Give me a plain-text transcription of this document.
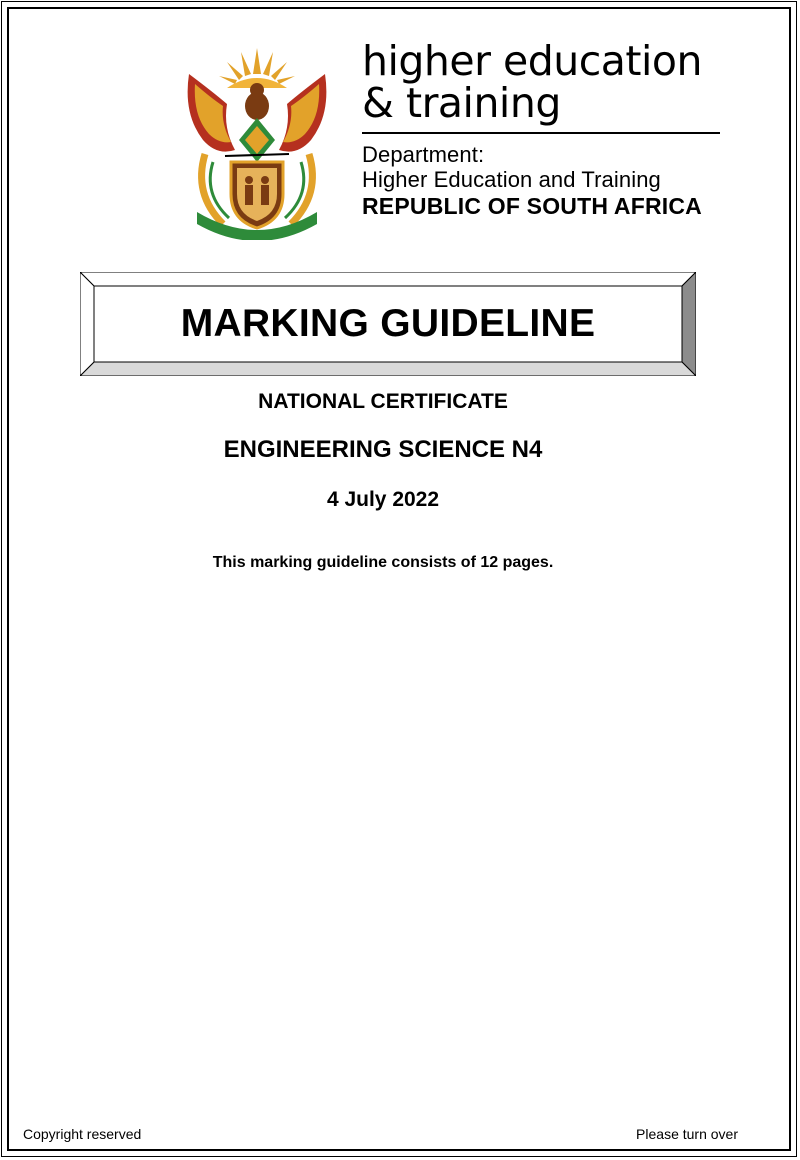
higher education
& training
Department:
Higher Education and Training
REPUBLIC OF SOUTH AFRICA
MARKING GUIDELINE
NATIONAL CERTIFICATE
ENGINEERING SCIENCE N4
4 July 2022
This marking guideline consists of 12 pages.
Copyright reserved	Please turn over
